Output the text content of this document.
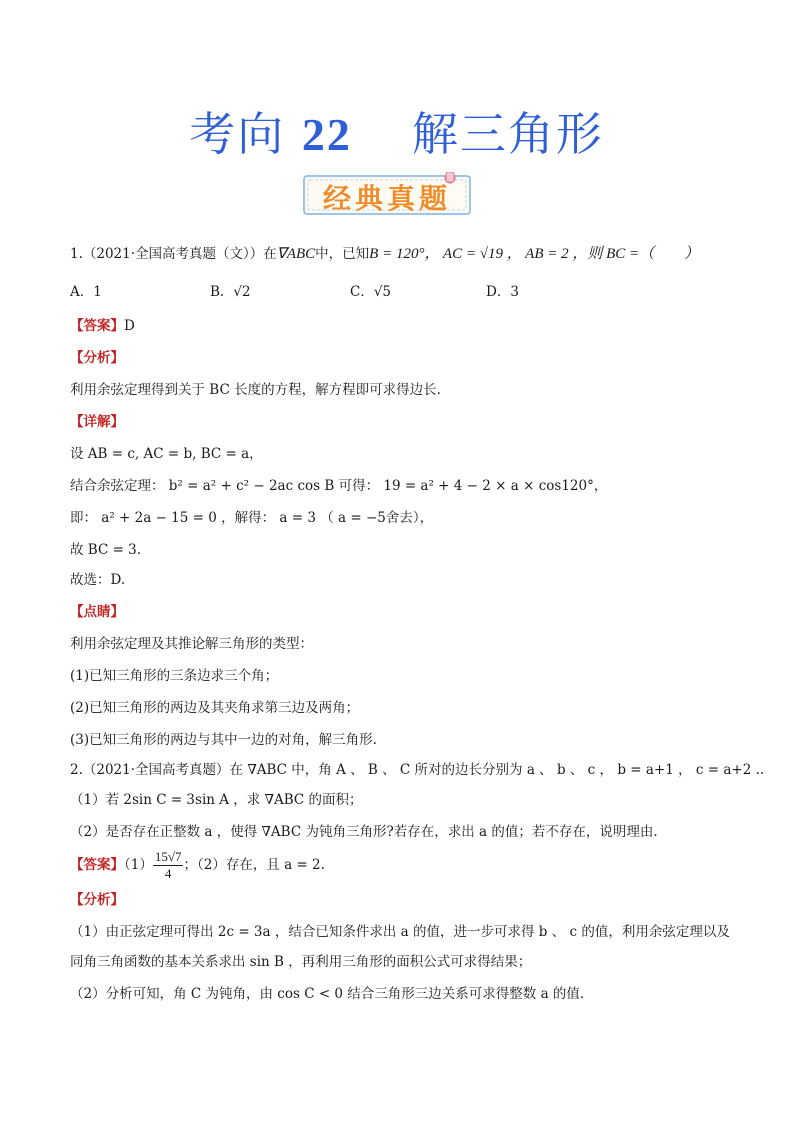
考向 22 解三角形
经典真题
1.（2021·全国高考真题（文））在∇ABC中，已知B = 120°， AC = √19 ， AB = 2 ，则 BC =（　　）
A．1	B．√2	C．√5	D．3
【答案】D
【分析】
利用余弦定理得到关于 BC 长度的方程，解方程即可求得边长.
【详解】
设 AB = c, AC = b, BC = a，
结合余弦定理： b² = a² + c² − 2ac cos B 可得： 19 = a² + 4 − 2 × a × cos120°，
即： a² + 2a − 15 = 0 ，解得： a = 3 （ a = −5舍去），
故 BC = 3.
故选：D.
【点睛】
利用余弦定理及其推论解三角形的类型：
(1)已知三角形的三条边求三个角；
(2)已知三角形的两边及其夹角求第三边及两角；
(3)已知三角形的两边与其中一边的对角，解三角形.
2.（2021·全国高考真题）在 ∇ABC 中，角 A 、 B 、 C 所对的边长分别为 a 、 b 、 c ， b = a+1 ， c = a+2 ..
（1）若 2sin C = 3sin A ，求 ∇ABC 的面积；
（2）是否存在正整数 a ，使得 ∇ABC 为钝角三角形?若存在，求出 a 的值；若不存在，说明理由.
【答案】$(1) \frac{15√7}{4}$ ；（2）存在，且 a = 2.
【分析】
（1）由正弦定理可得出 2c = 3a ，结合已知条件求出 a 的值，进一步可求得 b 、 c 的值，利用余弦定理以及
同角三角函数的基本关系求出 sin B ，再利用三角形的面积公式可求得结果；
（2）分析可知，角 C 为钝角，由 cos C < 0 结合三角形三边关系可求得整数 a 的值.
